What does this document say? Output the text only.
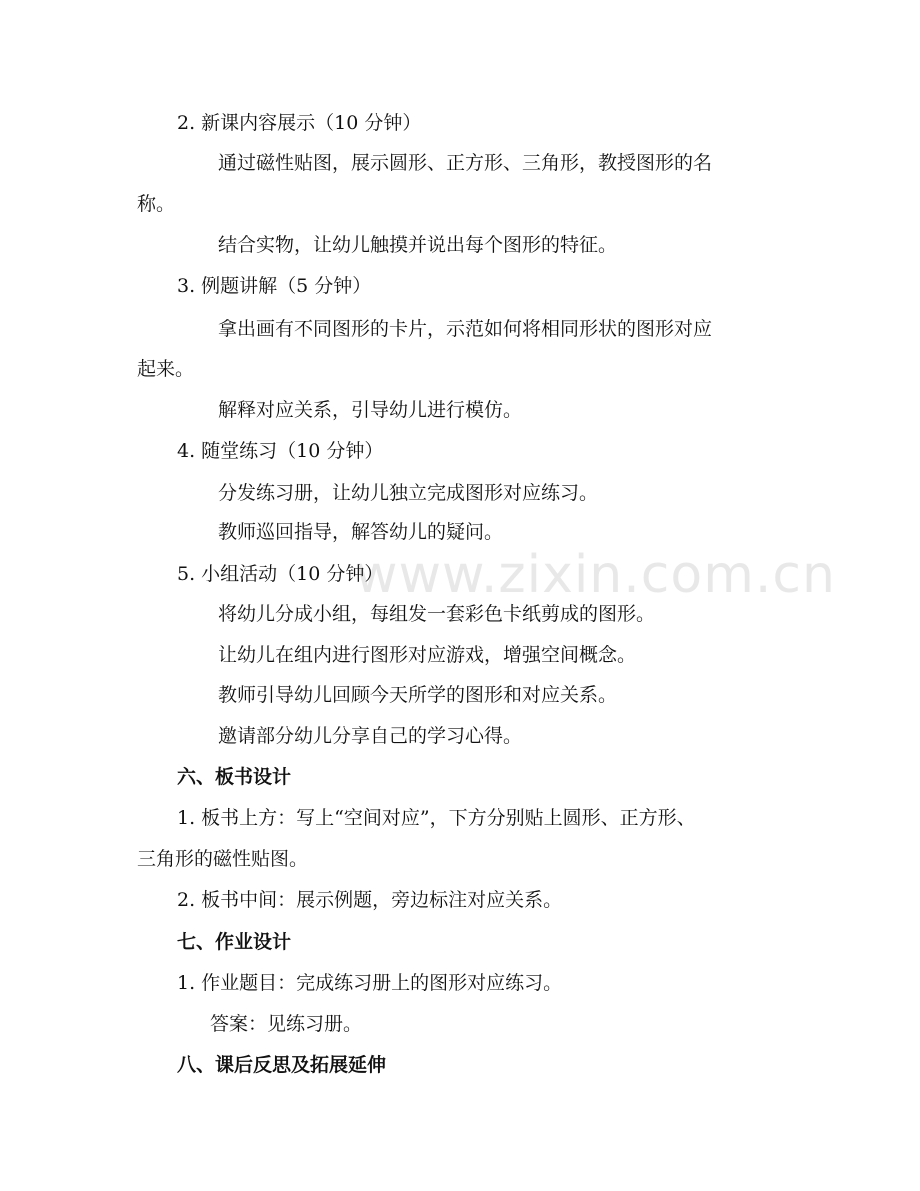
www.zixin.com.cn
2. 新课内容展示（10 分钟）
通过磁性贴图，展示圆形、正方形、三角形，教授图形的名
称。
结合实物，让幼儿触摸并说出每个图形的特征。
3. 例题讲解（5 分钟）
拿出画有不同图形的卡片，示范如何将相同形状的图形对应
起来。
解释对应关系，引导幼儿进行模仿。
4. 随堂练习（10 分钟）
分发练习册，让幼儿独立完成图形对应练习。
教师巡回指导，解答幼儿的疑问。
5. 小组活动（10 分钟）
将幼儿分成小组，每组发一套彩色卡纸剪成的图形。
让幼儿在组内进行图形对应游戏，增强空间概念。
教师引导幼儿回顾今天所学的图形和对应关系。
邀请部分幼儿分享自己的学习心得。
六、板书设计
1. 板书上方：写上“空间对应”，下方分别贴上圆形、正方形、
三角形的磁性贴图。
2. 板书中间：展示例题，旁边标注对应关系。
七、作业设计
1. 作业题目：完成练习册上的图形对应练习。
答案：见练习册。
八、课后反思及拓展延伸
